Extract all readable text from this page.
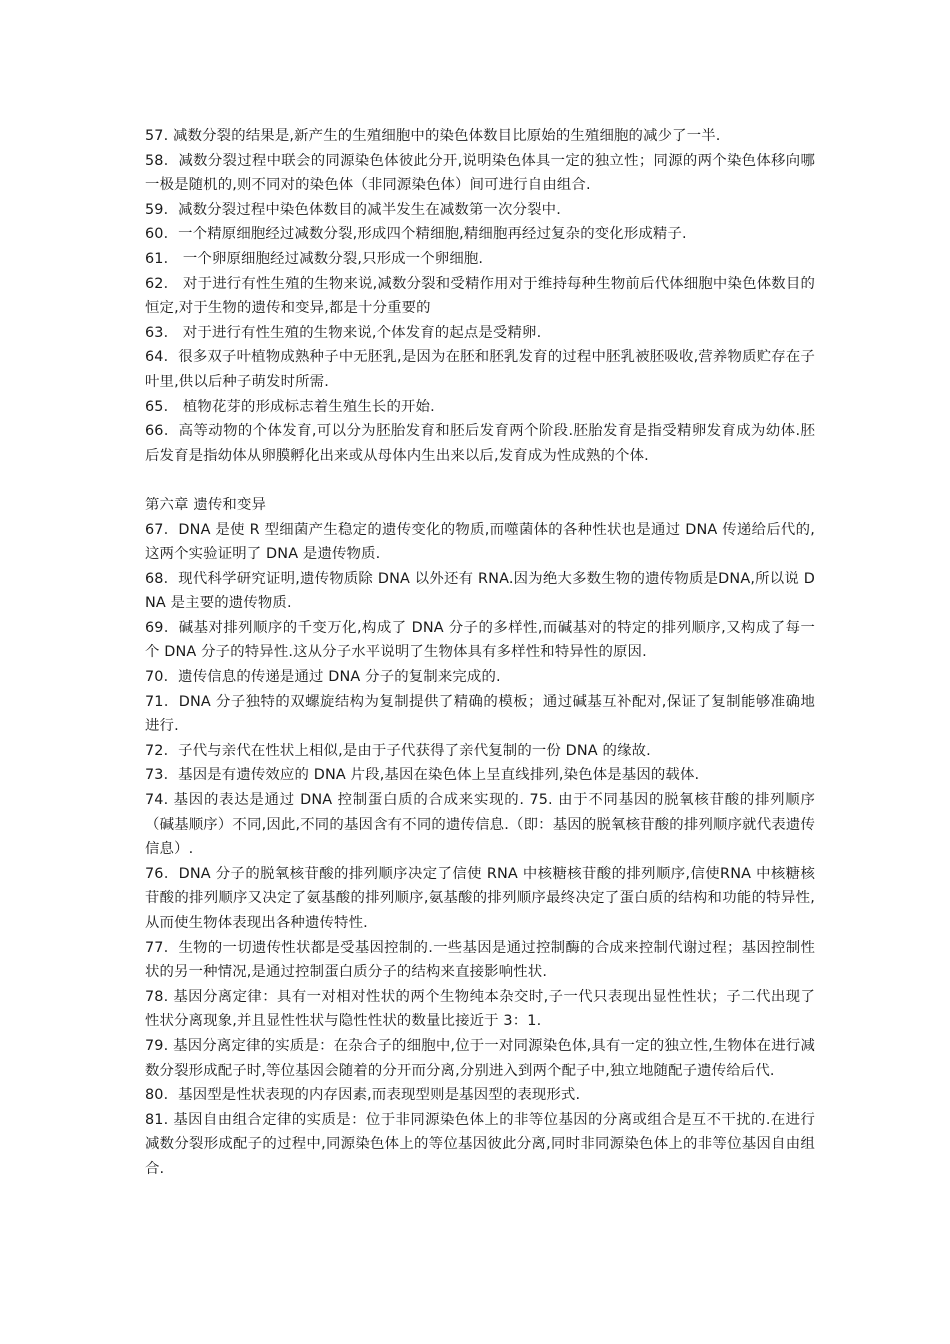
57. 减数分裂的结果是,新产生的生殖细胞中的染色体数目比原始的生殖细胞的减少了一半.

58．减数分裂过程中联会的同源染色体彼此分开,说明染色体具一定的独立性；同源的两个染色体移向哪一极是随机的,则不同对的染色体（非同源染色体）间可进行自由组合.

59．减数分裂过程中染色体数目的减半发生在减数第一次分裂中.

60．一个精原细胞经过减数分裂,形成四个精细胞,精细胞再经过复杂的变化形成精子.

61． 一个卵原细胞经过减数分裂,只形成一个卵细胞.

62． 对于进行有性生殖的生物来说,减数分裂和受精作用对于维持每种生物前后代体细胞中染色体数目的恒定,对于生物的遗传和变异,都是十分重要的

63． 对于进行有性生殖的生物来说,个体发育的起点是受精卵.

64．很多双子叶植物成熟种子中无胚乳,是因为在胚和胚乳发育的过程中胚乳被胚吸收,营养物质贮存在子叶里,供以后种子萌发时所需.

65． 植物花芽的形成标志着生殖生长的开始.

66．高等动物的个体发育,可以分为胚胎发育和胚后发育两个阶段.胚胎发育是指受精卵发育成为幼体.胚后发育是指幼体从卵膜孵化出来或从母体内生出来以后,发育成为性成熟的个体.

第六章 遗传和变异

67．DNA 是使 R 型细菌产生稳定的遗传变化的物质,而噬菌体的各种性状也是通过 DNA 传递给后代的,这两个实验证明了 DNA 是遗传物质.

68．现代科学研究证明,遗传物质除 DNA 以外还有 RNA.因为绝大多数生物的遗传物质是DNA,所以说 DNA 是主要的遗传物质.

69．碱基对排列顺序的千变万化,构成了 DNA 分子的多样性,而碱基对的特定的排列顺序,又构成了每一个 DNA 分子的特异性.这从分子水平说明了生物体具有多样性和特异性的原因.

70．遗传信息的传递是通过 DNA 分子的复制来完成的.

71．DNA 分子独特的双螺旋结构为复制提供了精确的模板；通过碱基互补配对,保证了复制能够准确地进行.

72．子代与亲代在性状上相似,是由于子代获得了亲代复制的一份 DNA 的缘故.

73．基因是有遗传效应的 DNA 片段,基因在染色体上呈直线排列,染色体是基因的载体.

74. 基因的表达是通过 DNA 控制蛋白质的合成来实现的. 75. 由于不同基因的脱氧核苷酸的排列顺序（碱基顺序）不同,因此,不同的基因含有不同的遗传信息.（即：基因的脱氧核苷酸的排列顺序就代表遗传信息）.

76．DNA 分子的脱氧核苷酸的排列顺序决定了信使 RNA 中核糖核苷酸的排列顺序,信使RNA 中核糖核苷酸的排列顺序又决定了氨基酸的排列顺序,氨基酸的排列顺序最终决定了蛋白质的结构和功能的特异性,从而使生物体表现出各种遗传特性.

77．生物的一切遗传性状都是受基因控制的.一些基因是通过控制酶的合成来控制代谢过程；基因控制性状的另一种情况,是通过控制蛋白质分子的结构来直接影响性状.

78. 基因分离定律：具有一对相对性状的两个生物纯本杂交时,子一代只表现出显性性状；子二代出现了性状分离现象,并且显性性状与隐性性状的数量比接近于 3：1.

79. 基因分离定律的实质是：在杂合子的细胞中,位于一对同源染色体,具有一定的独立性,生物体在进行减数分裂形成配子时,等位基因会随着的分开而分离,分别进入到两个配子中,独立地随配子遗传给后代.

80．基因型是性状表现的内存因素,而表现型则是基因型的表现形式.

81. 基因自由组合定律的实质是：位于非同源染色体上的非等位基因的分离或组合是互不干扰的.在进行减数分裂形成配子的过程中,同源染色体上的等位基因彼此分离,同时非同源染色体上的非等位基因自由组合.
